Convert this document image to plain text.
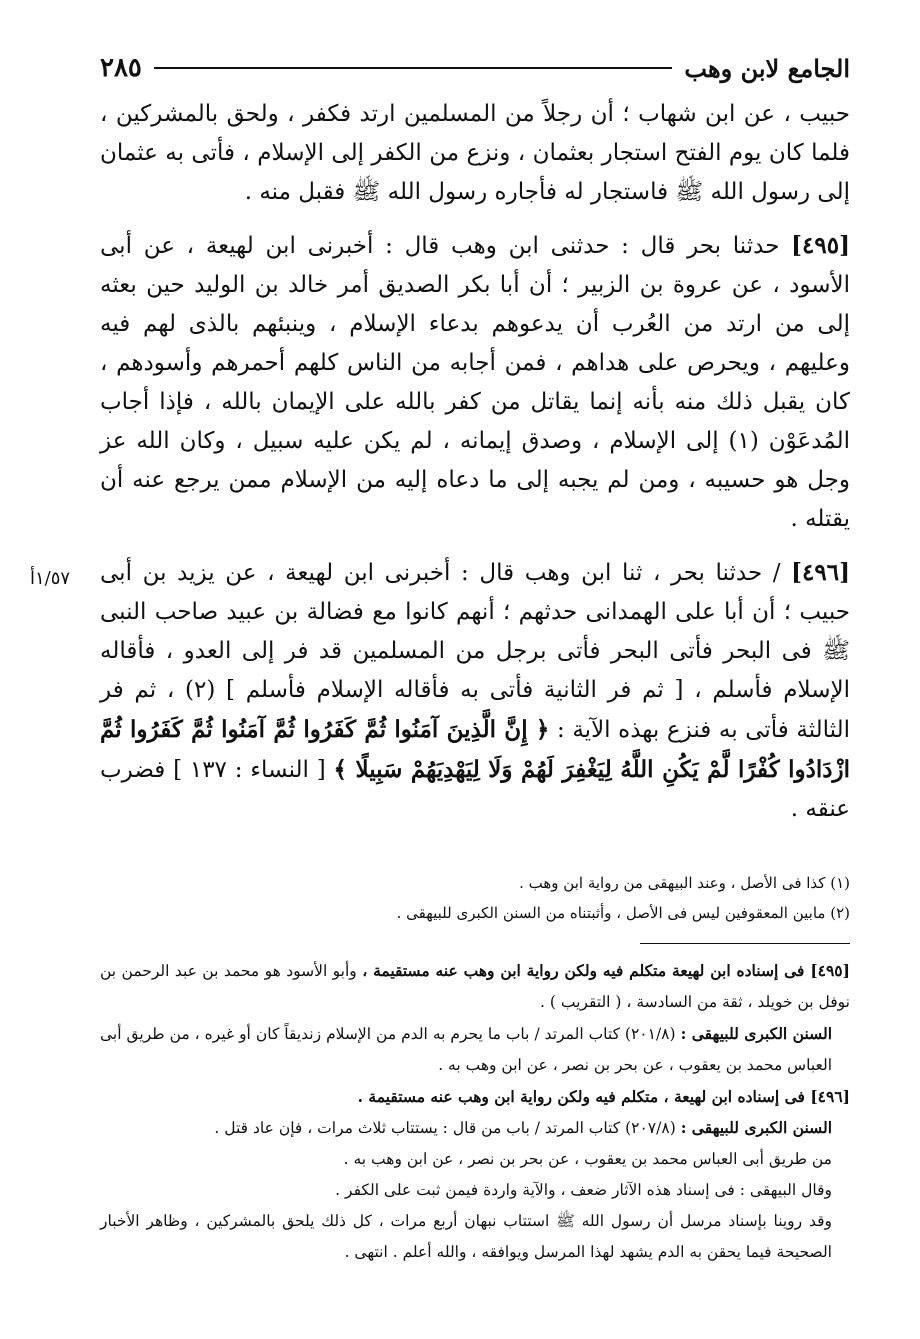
الجامع لابن وهب
٢٨٥
١/٥٧أ

حبيب ، عن ابن شهاب ؛ أن رجلاً من المسلمين ارتد فكفر ، ولحق بالمشركين ، فلما كان يوم الفتح استجار بعثمان ، ونزع من الكفر إلى الإسلام ، فأتى به عثمان إلى رسول الله ﷺ فاستجار له فأجاره رسول الله ﷺ فقبل منه .

[٤٩٥] حدثنا بحر قال : حدثنى ابن وهب قال : أخبرنى ابن لهيعة ، عن أبى الأسود ، عن عروة بن الزبير ؛ أن أبا بكر الصديق أمر خالد بن الوليد حين بعثه إلى من ارتد من العُرب أن يدعوهم بدعاء الإسلام ، وينبئهم بالذى لهم فيه وعليهم ، ويحرص على هداهم ، فمن أجابه من الناس كلهم أحمرهم وأسودهم ، كان يقبل ذلك منه بأنه إنما يقاتل من كفر بالله على الإيمان بالله ، فإذا أجاب المُدعَوْن (١) إلى الإسلام ، وصدق إيمانه ، لم يكن عليه سبيل ، وكان الله عز وجل هو حسيبه ، ومن لم يجبه إلى ما دعاه إليه من الإسلام ممن يرجع عنه أن يقتله .

[٤٩٦] / حدثنا بحر ، ثنا ابن وهب قال : أخبرنى ابن لهيعة ، عن يزيد بن أبى حبيب ؛ أن أبا على الهمدانى حدثهم ؛ أنهم كانوا مع فضالة بن عبيد صاحب النبى ﷺ فى البحر فأتى البحر فأتى برجل من المسلمين قد فر إلى العدو ، فأقاله الإسلام فأسلم ، [ ثم فر الثانية فأتى به فأقاله الإسلام فأسلم ] (٢) ، ثم فر الثالثة فأتى به فنزع بهذه الآية : ﴿ إِنَّ الَّذِينَ آمَنُوا ثُمَّ كَفَرُوا ثُمَّ آمَنُوا ثُمَّ كَفَرُوا ثُمَّ ازْدَادُوا كُفْرًا لَّمْ يَكُنِ اللَّهُ لِيَغْفِرَ لَهُمْ وَلَا لِيَهْدِيَهُمْ سَبِيلًا ﴾ [ النساء : ١٣٧ ] فضرب عنقه .

(١) كذا فى الأصل ، وعند البيهقى من رواية ابن وهب .

(٢) مابين المعقوفين ليس فى الأصل ، وأثبتناه من السنن الكبرى للبيهقى .

[٤٩٥] فى إسناده ابن لهيعة متكلم فيه ولكن رواية ابن وهب عنه مستقيمة ، وأبو الأسود هو محمد بن عبد الرحمن بن نوفل بن خويلد ، ثقة من السادسة ، ( التقريب ) .

السنن الكبرى للبيهقى : (٢٠١/٨) كتاب المرتد / باب ما يحرم به الدم من الإسلام زنديقاً كان أو غيره ، من طريق أبى العباس محمد بن يعقوب ، عن بحر بن نصر ، عن ابن وهب به .

[٤٩٦] فى إسناده ابن لهيعة ، متكلم فيه ولكن رواية ابن وهب عنه مستقيمة .

السنن الكبرى للبيهقى : (٢٠٧/٨) كتاب المرتد / باب من قال : يستتاب ثلاث مرات ، فإن عاد قتل .

من طريق أبى العباس محمد بن يعقوب ، عن بحر بن نصر ، عن ابن وهب به .

وقال البيهقى : فى إسناد هذه الآثار ضعف ، والآية واردة فيمن ثبت على الكفر .

وقد روينا بإسناد مرسل أن رسول الله ﷺ استتاب نبهان أربع مرات ، كل ذلك يلحق بالمشركين ، وظاهر الأخبار الصحيحة فيما يحقن به الدم يشهد لهذا المرسل ويوافقه ، والله أعلم . انتهى .
